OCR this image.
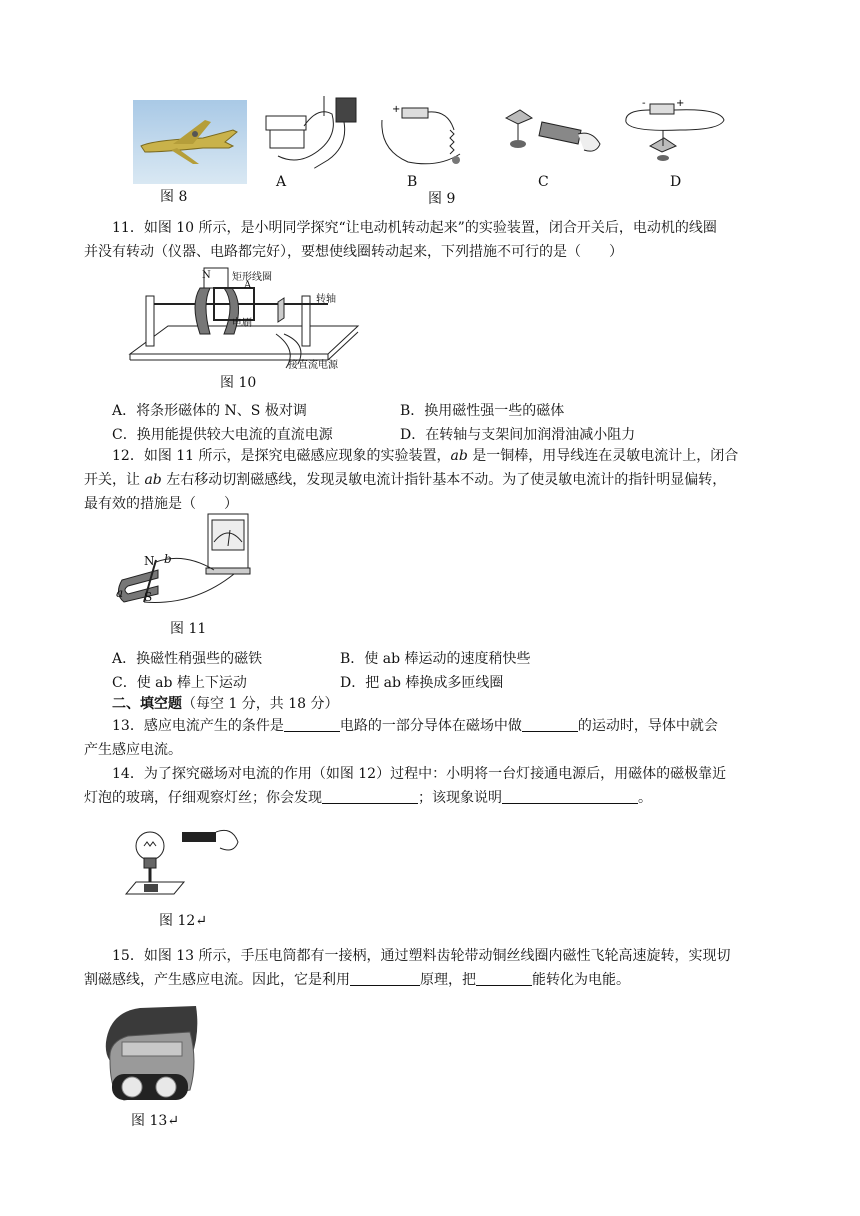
图 8
A
+
B
图 9
C
-	+
D
11．如图 10 所示，是小明同学探究“让电动机转动起来”的实验装置，闭合开关后，电动机的线圈
并没有转动（仪器、电路都完好），要想使线圈转动起来，下列措施不可行的是（　　）
N 矩形线圈
A
转轴
电刷
接直流电源
图 10
A．将条形磁体的 N、S 极对调	B．换用磁性强一些的磁体
C．换用能提供较大电流的直流电源	D．在转轴与支架间加润滑油减小阻力
12．如图 11 所示，是探究电磁感应现象的实验装置，ab 是一铜棒，用导线连在灵敏电流计上，闭合
开关，让 ab 左右移动切割磁感线，发现灵敏电流计指针基本不动。为了使灵敏电流计的指针明显偏转，
最有效的措施是（　　）
N b
S
a
图 11
A．换磁性稍强些的磁铁	B．使 ab 棒运动的速度稍快些
C．使 ab 棒上下运动	D．把 ab 棒换成多匝线圈
二、填空题（每空 1 分，共 18 分）
13．感应电流产生的条件是	电路的一部分导体在磁场中做	的运动时，导体中就会
产生感应电流。
14．为了探究磁场对电流的作用（如图 12）过程中：小明将一台灯接通电源后，用磁体的磁极靠近
灯泡的玻璃，仔细观察灯丝；你会发现	；该现象说明	。
图 12↵
15．如图 13 所示，手压电筒都有一接柄，通过塑料齿轮带动铜丝线圈内磁性飞轮高速旋转，实现切
割磁感线，产生感应电流。因此，它是利用	原理，把	能转化为电能。
图 13↵
